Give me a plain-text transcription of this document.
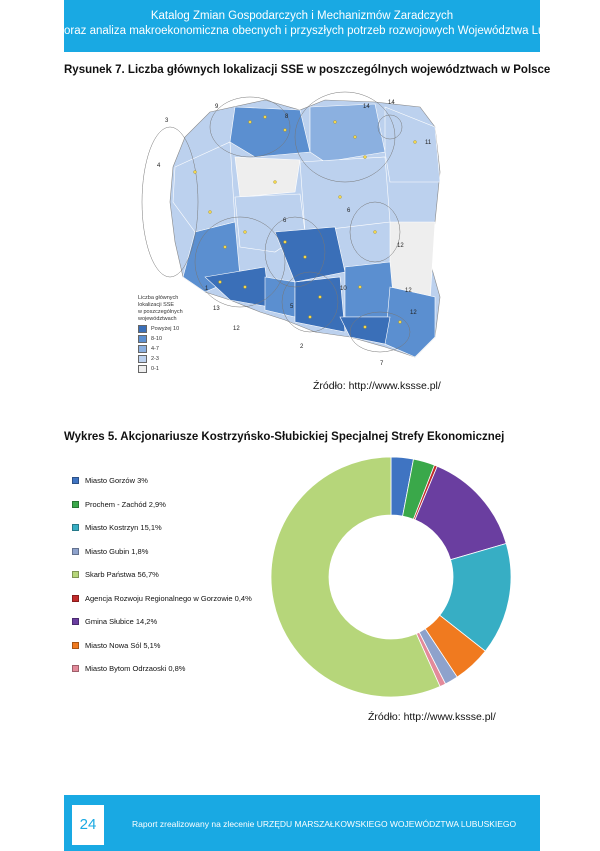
Katalog Zmian Gospodarczych i Mechanizmów Zaradczych
oraz analiza makroekonomiczna obecnych i przyszłych potrzeb rozwojowych Województwa Lubuskiego
Rysunek 7. Liczba głównych lokalizacji SSE w poszczególnych województwach w Polsce
3
9
4
14
14
11
8
6
6
12
1
5
10
13
2
12
7
12
12
Liczba głównych
lokalizacji SSE
w poszczególnych
województwach
Powyżej 10
8-10
4-7
2-3
0-1
Źródło: http://www.kssse.pl/
Wykres 5. Akcjonariusze Kostrzyńsko-Słubickiej Specjalnej Strefy Ekonomicznej
Miasto Gorzów 3%
Prochem - Zachód 2,9%
Miasto Kostrzyn 15,1%
Miasto Gubin 1,8%
Skarb Państwa 56,7%
Agencja Rozwoju Regionalnego w Gorzowie 0,4%
Gmina Słubice 14,2%
Miasto Nowa Sól 5,1%
Miasto Bytom Odrzaoski 0,8%
Źródło: http://www.kssse.pl/
24	Raport zrealizowany na zlecenie URZĘDU MARSZAŁKOWSKIEGO WOJEWÓDZTWA LUBUSKIEGO
